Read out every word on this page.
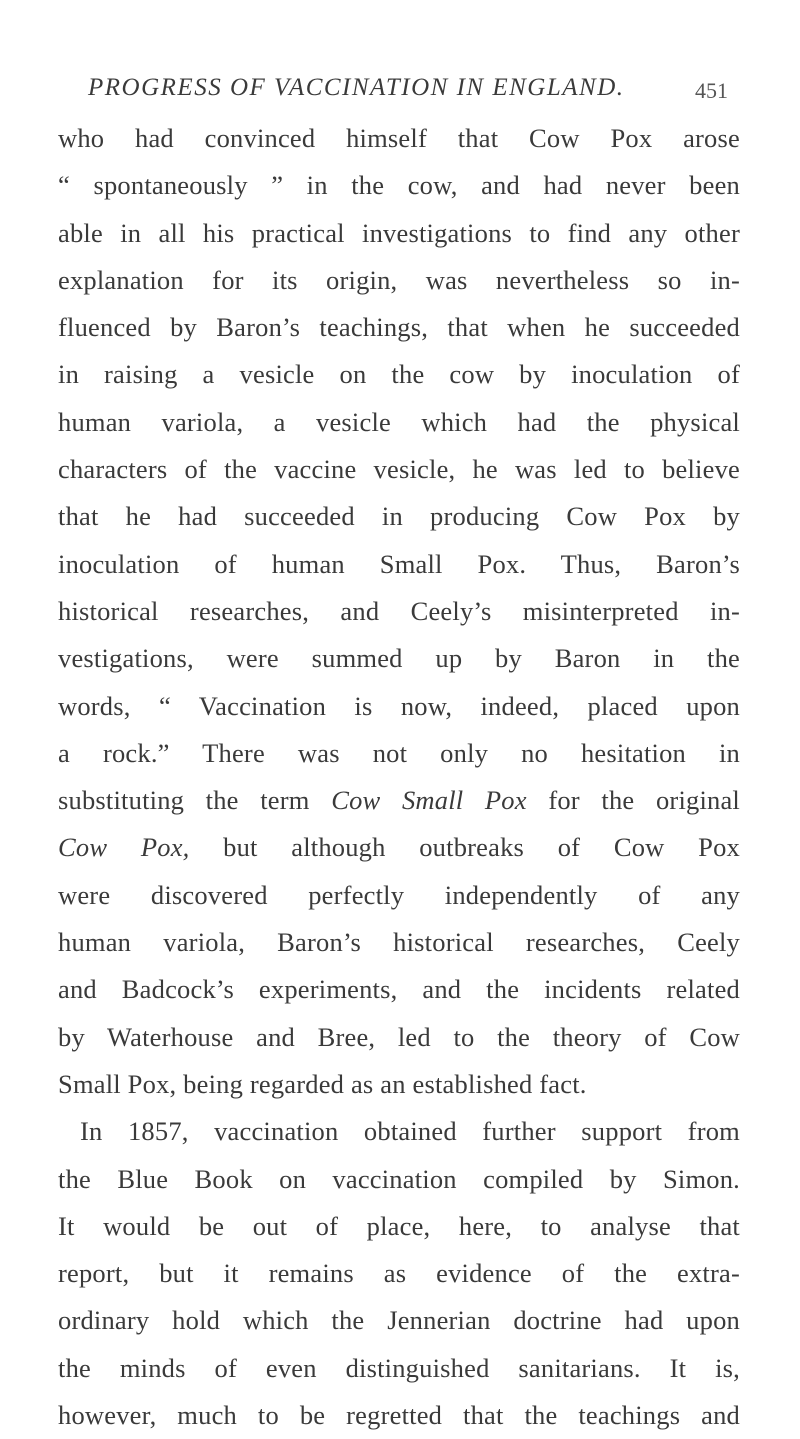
PROGRESS OF VACCINATION IN ENGLAND.	451
who had convinced himself that Cow Pox arose
“ spontaneously ” in the cow, and had never been
able in all his practical investigations to find any other
explanation for its origin, was nevertheless so in-
fluenced by Baron’s teachings, that when he succeeded
in raising a vesicle on the cow by inoculation of
human variola, a vesicle which had the physical
characters of the vaccine vesicle, he was led to believe
that he had succeeded in producing Cow Pox by
inoculation of human Small Pox. Thus, Baron’s
historical researches, and Ceely’s misinterpreted in-
vestigations, were summed up by Baron in the
words, “ Vaccination is now, indeed, placed upon
a rock.” There was not only no hesitation in
substituting the term Cow Small Pox for the original
Cow Pox, but although outbreaks of Cow Pox
were discovered perfectly independently of any
human variola, Baron’s historical researches, Ceely
and Badcock’s experiments, and the incidents related
by Waterhouse and Bree, led to the theory of Cow
Small Pox, being regarded as an established fact.
In 1857, vaccination obtained further support from
the Blue Book on vaccination compiled by Simon.
It would be out of place, here, to analyse that
report, but it remains as evidence of the extra-
ordinary hold which the Jennerian doctrine had upon
the minds of even distinguished sanitarians. It is,
however, much to be regretted that the teachings and
